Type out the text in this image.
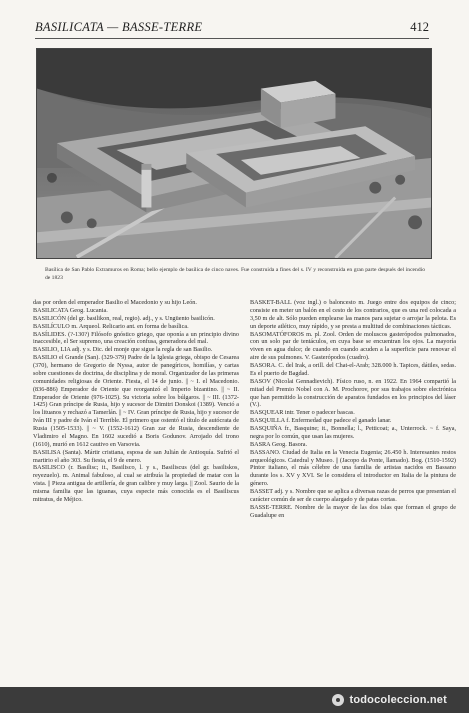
BASILICATA — BASSE-TERRE	412
Basílica de San Pablo Extramuros en Roma; bello ejemplo de basílica de cinco naves. Fue construida a fines del s. IV y reconstruida en gran parte después del incendio de 1823

das por orden del emperador Basilio el Macedonio y su hijo León.

BASILICATA Geog. Lucania.

BASILICÓN (del gr. basilikon, real, regio). adj., y s. Ungüento basilicón.

BASILÍCULO m. Arqueol. Relicario ant. en forma de basílica.

BASÍLIDES. (?-130?) Filósofo gnóstico griego, que oponía a un principio divino inaccesible, el Ser supremo, una creación confusa, generadora del mal.

BASILIO, LIA adj. y s. Dic. del monje que sigue la regla de san Basilio.

BASILIO el Grande (San). (329-379) Padre de la Iglesia griega, obispo de Cesarea (370), hermano de Gregorio de Nyssa, autor de panegíricos, homilías, y cartas sobre cuestiones de doctrina, de disciplina y de moral. Organizador de las primeras comunidades religiosas de Oriente. Fiesta, el 14 de junio. || ~ I. el Macedonio. (836-886) Emperador de Oriente que reorganizó el Imperio bizantino. || ~ II. Emperador de Oriente (976-1025). Su victoria sobre los búlgaros. || ~ III. (1372-1425) Gran príncipe de Rusia, hijo y sucesor de Dimitri Donskoi (1389). Venció a los lituanos y rechazó a Tamerlán. || ~ IV. Gran príncipe de Rusia, hijo y sucesor de Iván III y padre de Iván el Terrible. El primero que ostentó el título de autócrata de Rusia (1505-1533). || ~ V. (1552-1612) Gran zar de Rusia, descendiente de Vladimiro el Magno. En 1602 sucedió a Boris Godunov. Arrojado del trono (1610), murió en 1612 cautivo en Varsovia.

BASILISA (Santa). Mártir cristiana, esposa de san Julián de Antioquía. Sufrió el martirio el año 303. Su fiesta, el 9 de enero.

BASILISCO (r. Basilisc; it., Basilisco, l. y s., Basiliscus (del gr. basiliskos, reyezuelo). m. Animal fabuloso, al cual se atribuía la propiedad de matar con la vista. || Pieza antigua de artillería, de gran calibre y muy larga. || Zool. Saurio de la misma familia que las iguanas, cuya especie más conocida es el Basiliscus mitratus, de Méjico.

BASKET-BALL (voz ingl.) o baloncesto m. Juego entre dos equipos de cinco; consiste en meter un balón en el cesto de los contrarios, que es una red colocada a 3,50 m de alt. Sólo pueden emplearse las manos para sujetar o arrojar la pelota. Es un deporte atlético, muy rápido, y se presta a multitud de combinaciones tácticas.

BASOMATÓFOROS m. pl. Zool. Orden de moluscos gasterópodos pulmonados, con un solo par de tentáculos, en cuya base se encuentran los ojos. La mayoría viven en agua dulce; de cuando en cuando acuden a la superficie para renovar el aire de sus pulmones. V. Gasterópodos (cuadro).

BASORA. C. del Irak, a orill. del Chat-el-Arab; 328.000 h. Tapices, dátiles, sedas. Es el puerto de Bagdad.

BASOV (Nicolai Gennadievich). Físico ruso, n. en 1922. En 1964 compartió la mitad del Premio Nobel con A. M. Prochorov, por sus trabajos sobre electrónica que han permitido la construcción de aparatos fundados en los principios del láser (V.).

BASQUEAR intr. Tener o padecer bascas.

BASQUILLA f. Enfermedad que padece el ganado lanar.

BASQUIÑA fr., Basquine; it., Bonnella; l., Petticoat; a., Unterrock. ~ f. Saya, negra por lo común, que usan las mujeres.

BASRA Geog. Basora.

BASSANO. Ciudad de Italia en la Venecia Eugenia; 26.450 h. Interesantes restos arqueológicos. Catedral y Museo. || (Jacopo da Ponte, llamado). Bog. (1510-1592) Pintor italiano, el más célebre de una familia de artistas nacidos en Bassano durante los s. XV y XVI. Se le considera el introductor en Italia de la pintura de género.

BASSET adj. y s. Nombre que se aplica a diversas razas de perros que presentan el carácter común de ser de cuerpo alargado y de patas cortas.

BASSE-TERRE. Nombre de la mayor de las dos islas que forman el grupo de Guadalupe en

todocoleccion.net
